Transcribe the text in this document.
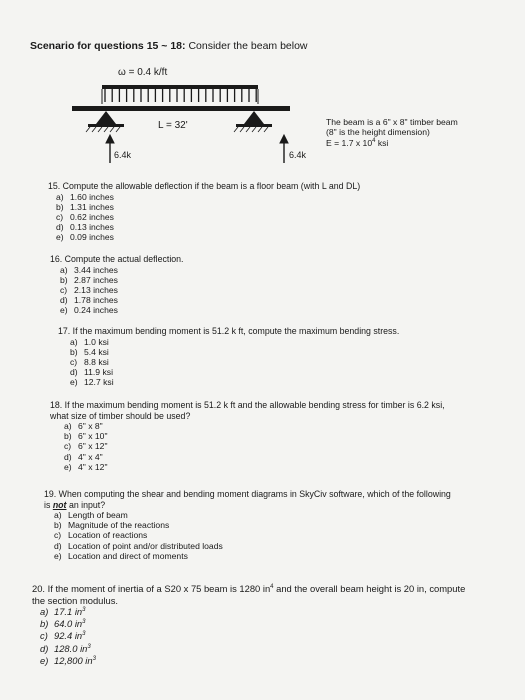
Scenario for questions 15 ~ 18: Consider the beam below
ω = 0.4 k/ft
L = 32'
6.4k	6.4k
The beam is a 6" x 8" timber beam
(8" is the height dimension)
E = 1.7 x $10^4$ ksi
15. Compute the allowable deflection if the beam is a floor beam (with L and DL)
a) 1.60 inches
b) 1.31 inches
c) 0.62 inches
d) 0.13 inches
e) 0.09 inches
16. Compute the actual deflection.
a) 3.44 inches
b) 2.87 inches
c) 2.13 inches
d) 1.78 inches
e) 0.24 inches
17. If the maximum bending moment is 51.2 k ft, compute the maximum bending stress.
a) 1.0 ksi
b) 5.4 ksi
c) 8.8 ksi
d) 11.9 ksi
e) 12.7 ksi
18. If the maximum bending moment is 51.2 k ft and the allowable bending stress for timber is 6.2 ksi,
what size of timber should be used?
a) 6" x 8"
b) 6" x 10"
c) 6" x 12"
d) 4" x 4"
e) 4" x 12"
19. When computing the shear and bending moment diagrams in SkyCiv software, which of the following
is not an input?
a) Length of beam
b) Magnitude of the reactions
c) Location of reactions
d) Location of point and/or distributed loads
e) Location and direct of moments
20. If the moment of inertia of a S20 x 75 beam is 1280 $in^4$ and the overall beam height is 20 in, compute
the section modulus.
a) 17.1 $in^3$
b) 64.0 $in^3$
c) 92.4 $in^3$
d) 128.0 $in^3$
e) 12,800 $in^3$
